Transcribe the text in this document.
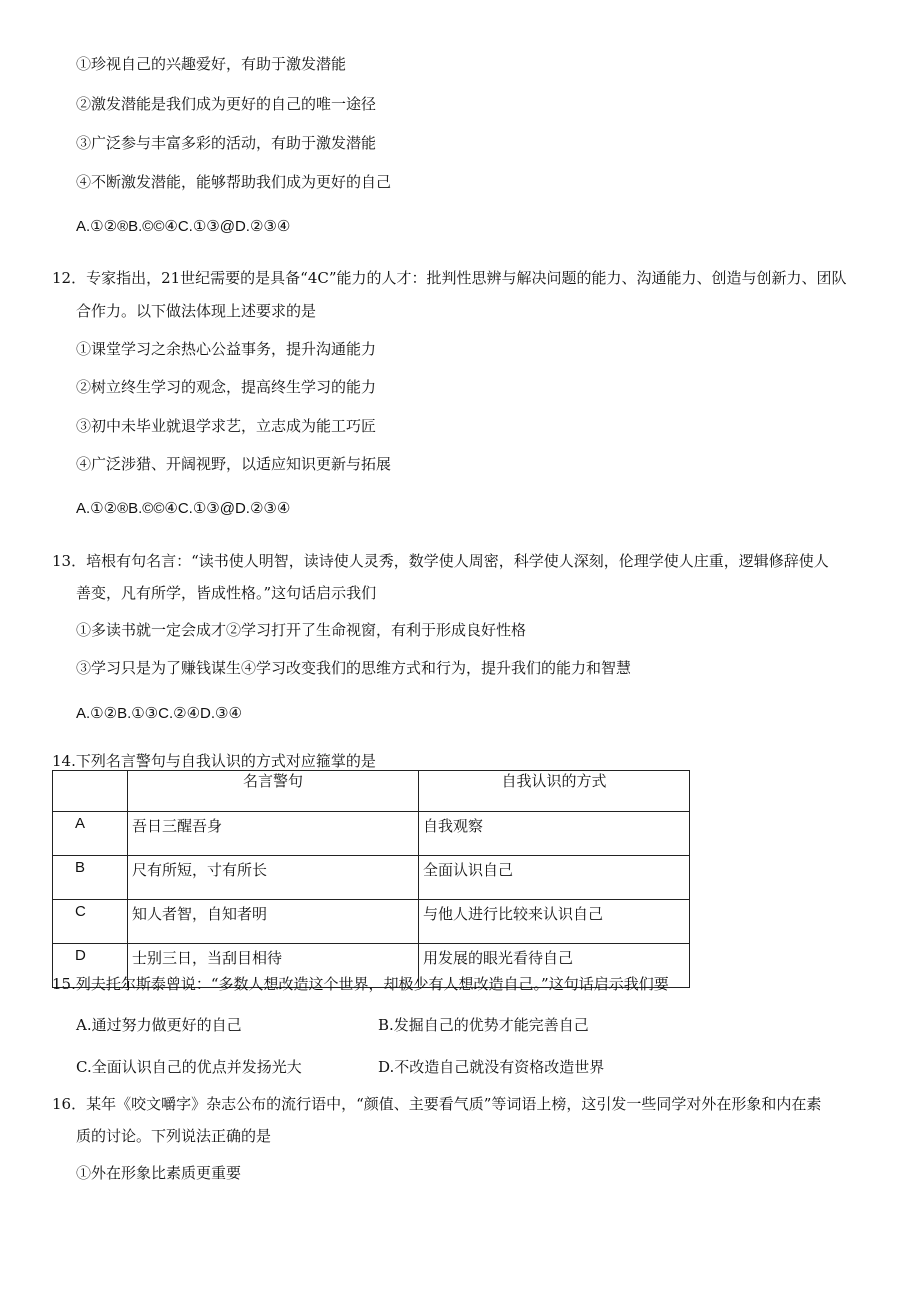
①珍视自己的兴趣爱好，有助于激发潜能
②激发潜能是我们成为更好的自己的唯一途径
③广泛参与丰富多彩的活动，有助于激发潜能
④不断激发潜能，能够帮助我们成为更好的自己
A.①②®B.©©④C.①③@D.②③④
12．专家指出，21世纪需要的是具备“4C”能力的人才：批判性思辨与解决问题的能力、沟通能力、创造与创新力、团队
合作力。以下做法体现上述要求的是
①课堂学习之余热心公益事务，提升沟通能力
②树立终生学习的观念，提高终生学习的能力
③初中未毕业就退学求艺，立志成为能工巧匠
④广泛涉猎、开阔视野，以适应知识更新与拓展
A.①②®B.©©④C.①③@D.②③④
13．培根有句名言：“读书使人明智，读诗使人灵秀，数学使人周密，科学使人深刻，伦理学使人庄重，逻辑修辞使人
善变，凡有所学，皆成性格。”这句话启示我们
①多读书就一定会成才②学习打开了生命视窗，有利于形成良好性格
③学习只是为了赚钱谋生④学习改变我们的思维方式和行为，提升我们的能力和智慧
A.①②B.①③C.②④D.③④
14.下列名言警句与自我认识的方式对应箍掌的是
	名言警句	自我认识的方式
A	吾日三醒吾身	自我观察
B	尺有所短，寸有所长	全面认识自己
C	知人者智，自知者明	与他人进行比较来认识自己
D	士别三日，当刮目相待	用发展的眼光看待自己
15.列夫托尔斯泰曾说：“多数人想改造这个世界，却极少有人想改造自己。”这句话启示我们要
A.通过努力做更好的自己	B.发掘自己的优势才能完善自己
C.全面认识自己的优点并发扬光大	D.不改造自己就没有资格改造世界
16．某年《咬文嚼字》杂志公布的流行语中，“颜值、主要看气质”等词语上榜，这引发一些同学对外在形象和内在素
质的讨论。下列说法正确的是
①外在形象比素质更重要
